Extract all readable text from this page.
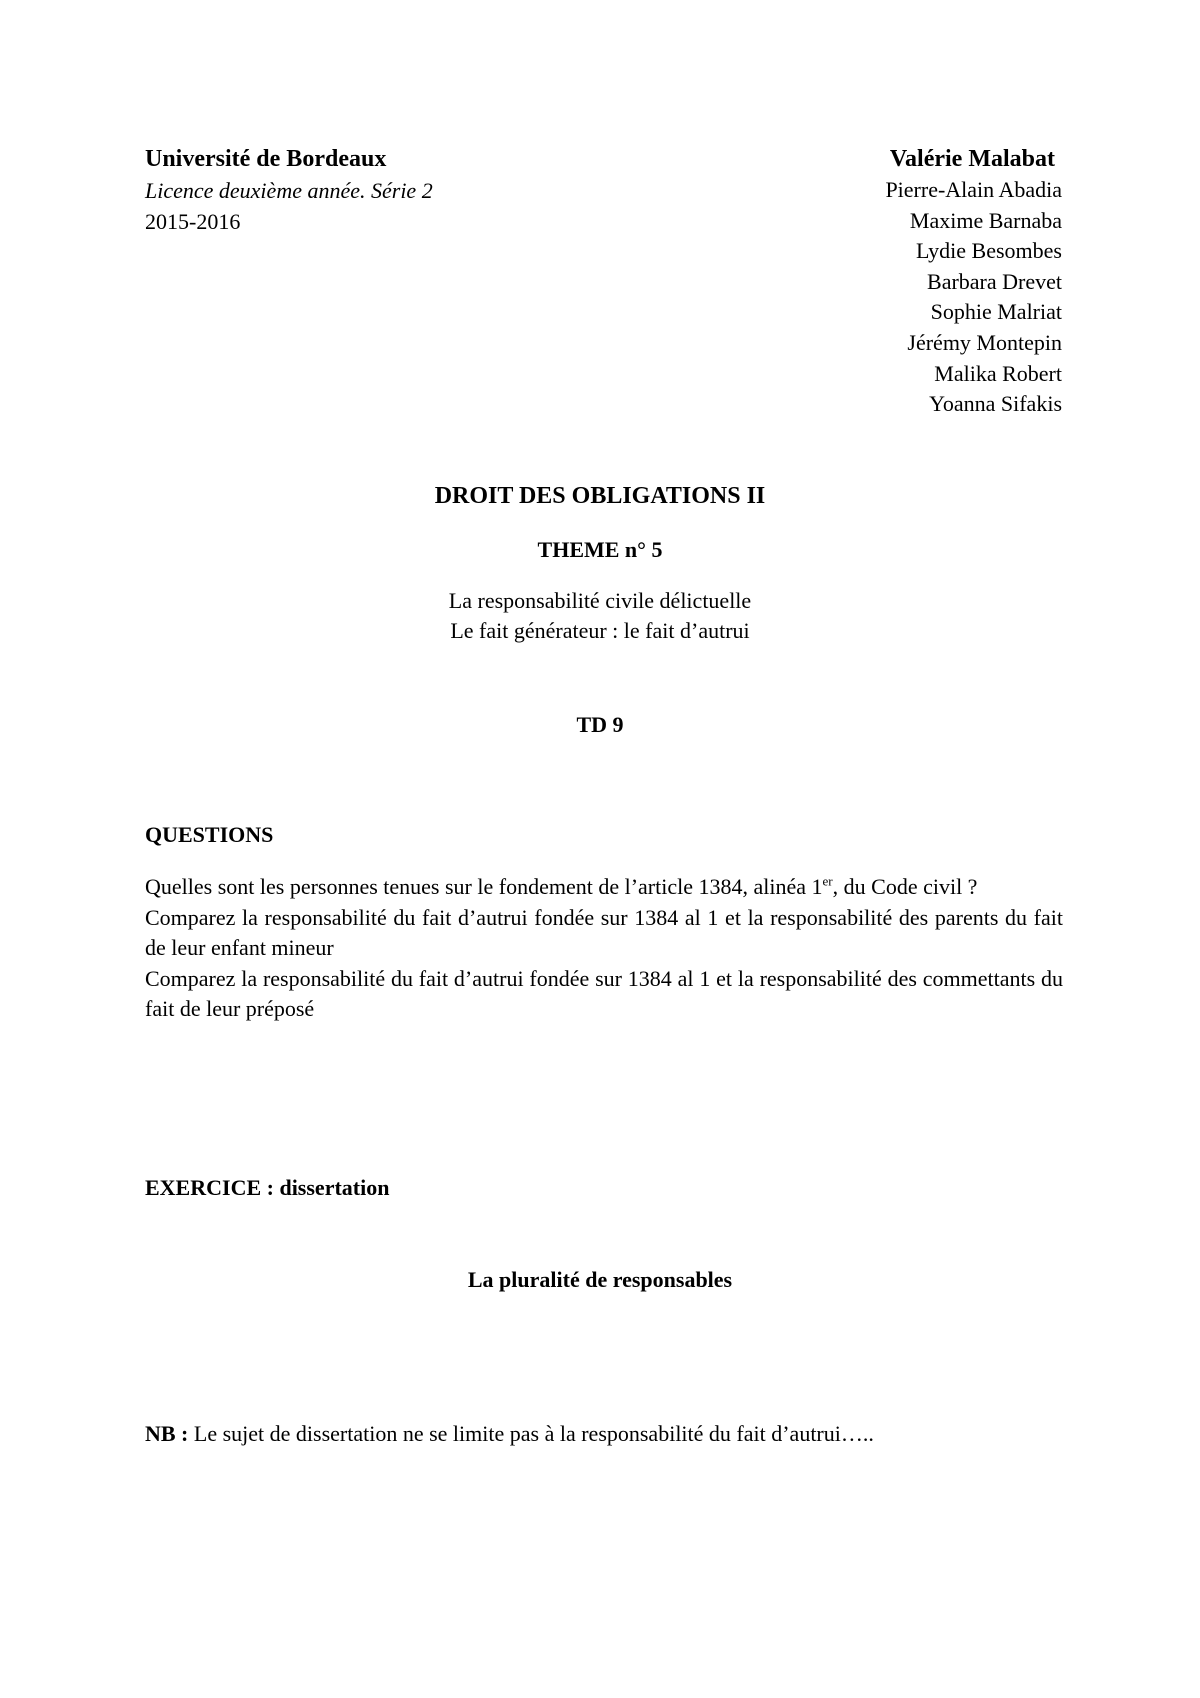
Université de Bordeaux
Licence deuxième année. Série 2
2015-2016
Valérie Malabat
Pierre-Alain Abadia
Maxime Barnaba
Lydie Besombes
Barbara Drevet
Sophie Malriat
Jérémy Montepin
Malika Robert
Yoanna Sifakis
DROIT DES OBLIGATIONS II
THEME n° 5
La responsabilité civile délictuelle
Le fait générateur : le fait d’autrui
TD 9
QUESTIONS

Quelles sont les personnes tenues sur le fondement de l’article 1384, alinéa 1er, du Code civil ?

Comparez la responsabilité du fait d’autrui fondée sur 1384 al 1 et la responsabilité des parents du fait de leur enfant mineur

Comparez la responsabilité du fait d’autrui fondée sur 1384 al 1 et la responsabilité des commettants du fait de leur préposé

EXERCICE : dissertation
La pluralité de responsables
NB : Le sujet de dissertation ne se limite pas à la responsabilité du fait d’autrui…..
